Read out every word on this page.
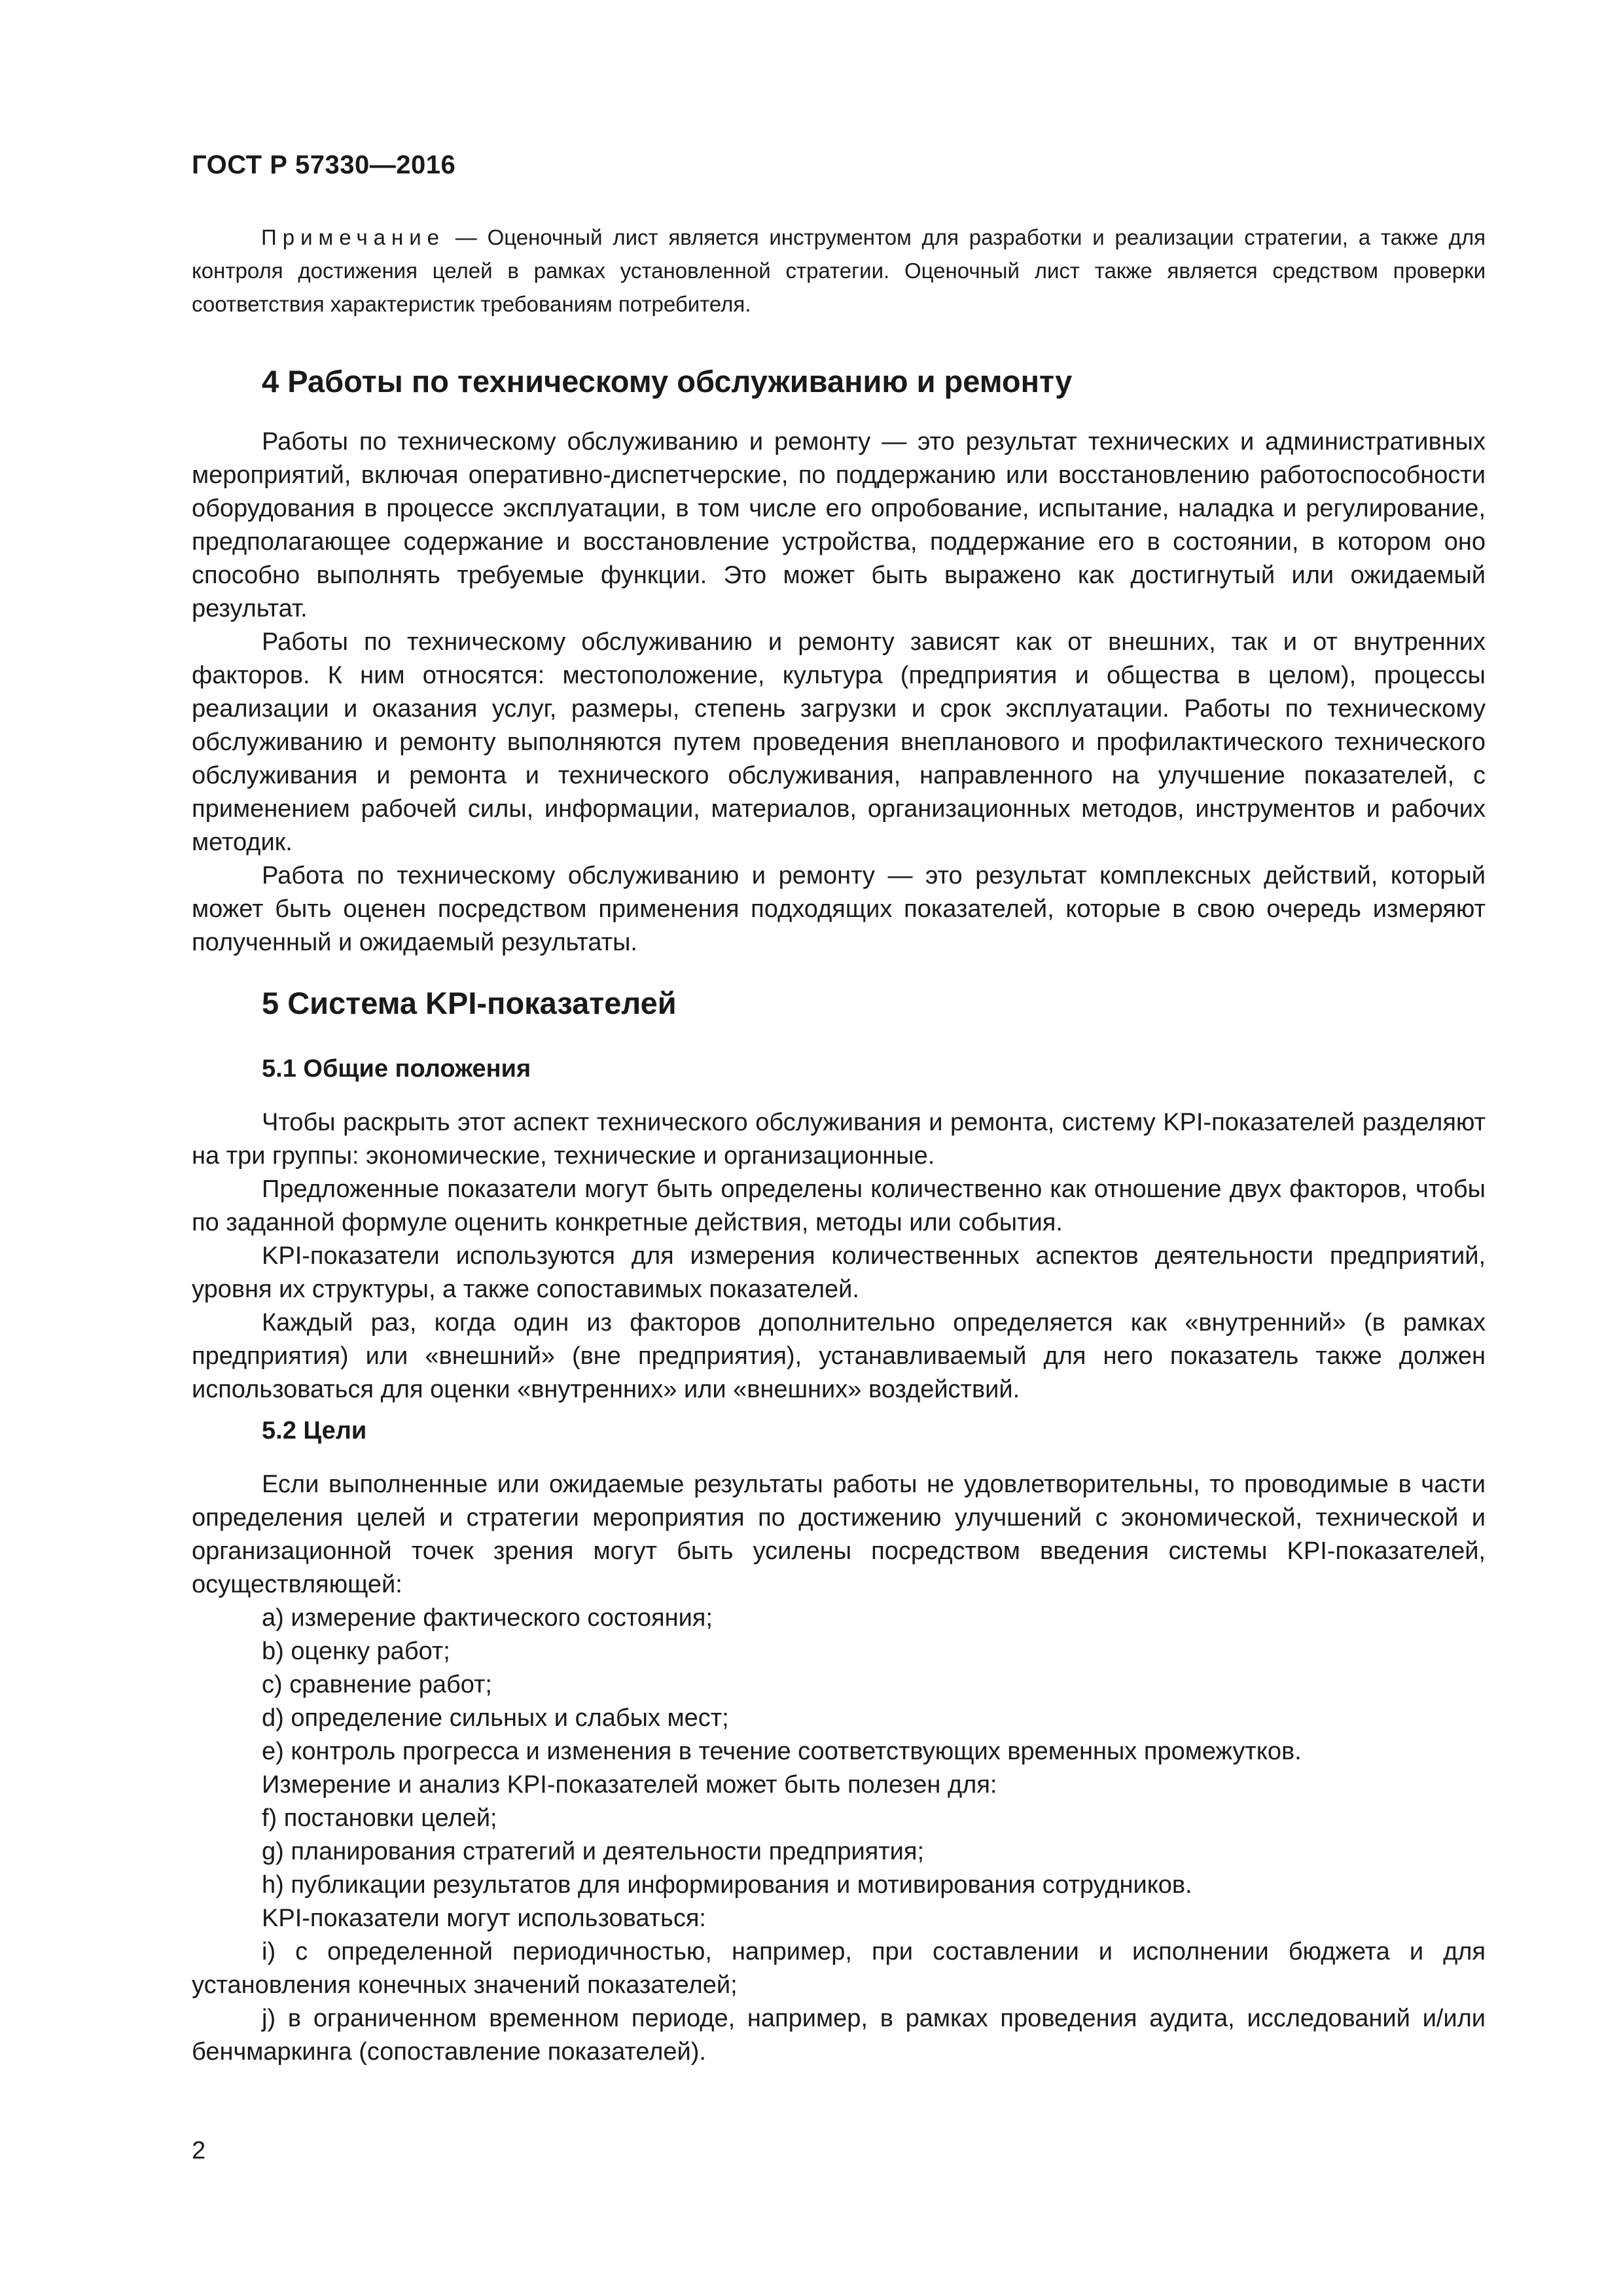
ГОСТ Р 57330—2016
Примечание — Оценочный лист является инструментом для разработки и реализации стратегии, а также для контроля достижения целей в рамках установленной стратегии. Оценочный лист также является средством проверки соответствия характеристик требованиям потребителя.
4 Работы по техническому обслуживанию и ремонту

Работы по техническому обслуживанию и ремонту — это результат технических и административных мероприятий, включая оперативно-диспетчерские, по поддержанию или восстановлению работоспособности оборудования в процессе эксплуатации, в том числе его опробование, испытание, наладка и регулирование, предполагающее содержание и восстановление устройства, поддержание его в состоянии, в котором оно способно выполнять требуемые функции. Это может быть выражено как достигнутый или ожидаемый результат.

Работы по техническому обслуживанию и ремонту зависят как от внешних, так и от внутренних факторов. К ним относятся: местоположение, культура (предприятия и общества в целом), процессы реализации и оказания услуг, размеры, степень загрузки и срок эксплуатации. Работы по техническому обслуживанию и ремонту выполняются путем проведения внепланового и профилактического технического обслуживания и ремонта и технического обслуживания, направленного на улучшение показателей, с применением рабочей силы, информации, материалов, организационных методов, инструментов и рабочих методик.

Работа по техническому обслуживанию и ремонту — это результат комплексных действий, который может быть оценен посредством применения подходящих показателей, которые в свою очередь измеряют полученный и ожидаемый результаты.

5 Система KPI-показателей
5.1 Общие положения

Чтобы раскрыть этот аспект технического обслуживания и ремонта, систему KPI-показателей разделяют на три группы: экономические, технические и организационные.

Предложенные показатели могут быть определены количественно как отношение двух факторов, чтобы по заданной формуле оценить конкретные действия, методы или события.

KPI-показатели используются для измерения количественных аспектов деятельности предприятий, уровня их структуры, а также сопоставимых показателей.

Каждый раз, когда один из факторов дополнительно определяется как «внутренний» (в рамках предприятия) или «внешний» (вне предприятия), устанавливаемый для него показатель также должен использоваться для оценки «внутренних» или «внешних» воздействий.

5.2 Цели

Если выполненные или ожидаемые результаты работы не удовлетворительны, то проводимые в части определения целей и стратегии мероприятия по достижению улучшений с экономической, технической и организационной точек зрения могут быть усилены посредством введения системы KPI-показателей, осуществляющей:

a) измерение фактического состояния;

b) оценку работ;

c) сравнение работ;

d) определение сильных и слабых мест;

e) контроль прогресса и изменения в течение соответствующих временных промежутков.

Измерение и анализ KPI-показателей может быть полезен для:

f) постановки целей;

g) планирования стратегий и деятельности предприятия;

h) публикации результатов для информирования и мотивирования сотрудников.

KPI-показатели могут использоваться:

i) с определенной периодичностью, например, при составлении и исполнении бюджета и для установления конечных значений показателей;

j) в ограниченном временном периоде, например, в рамках проведения аудита, исследований и/или бенчмаркинга (сопоставление показателей).

2
